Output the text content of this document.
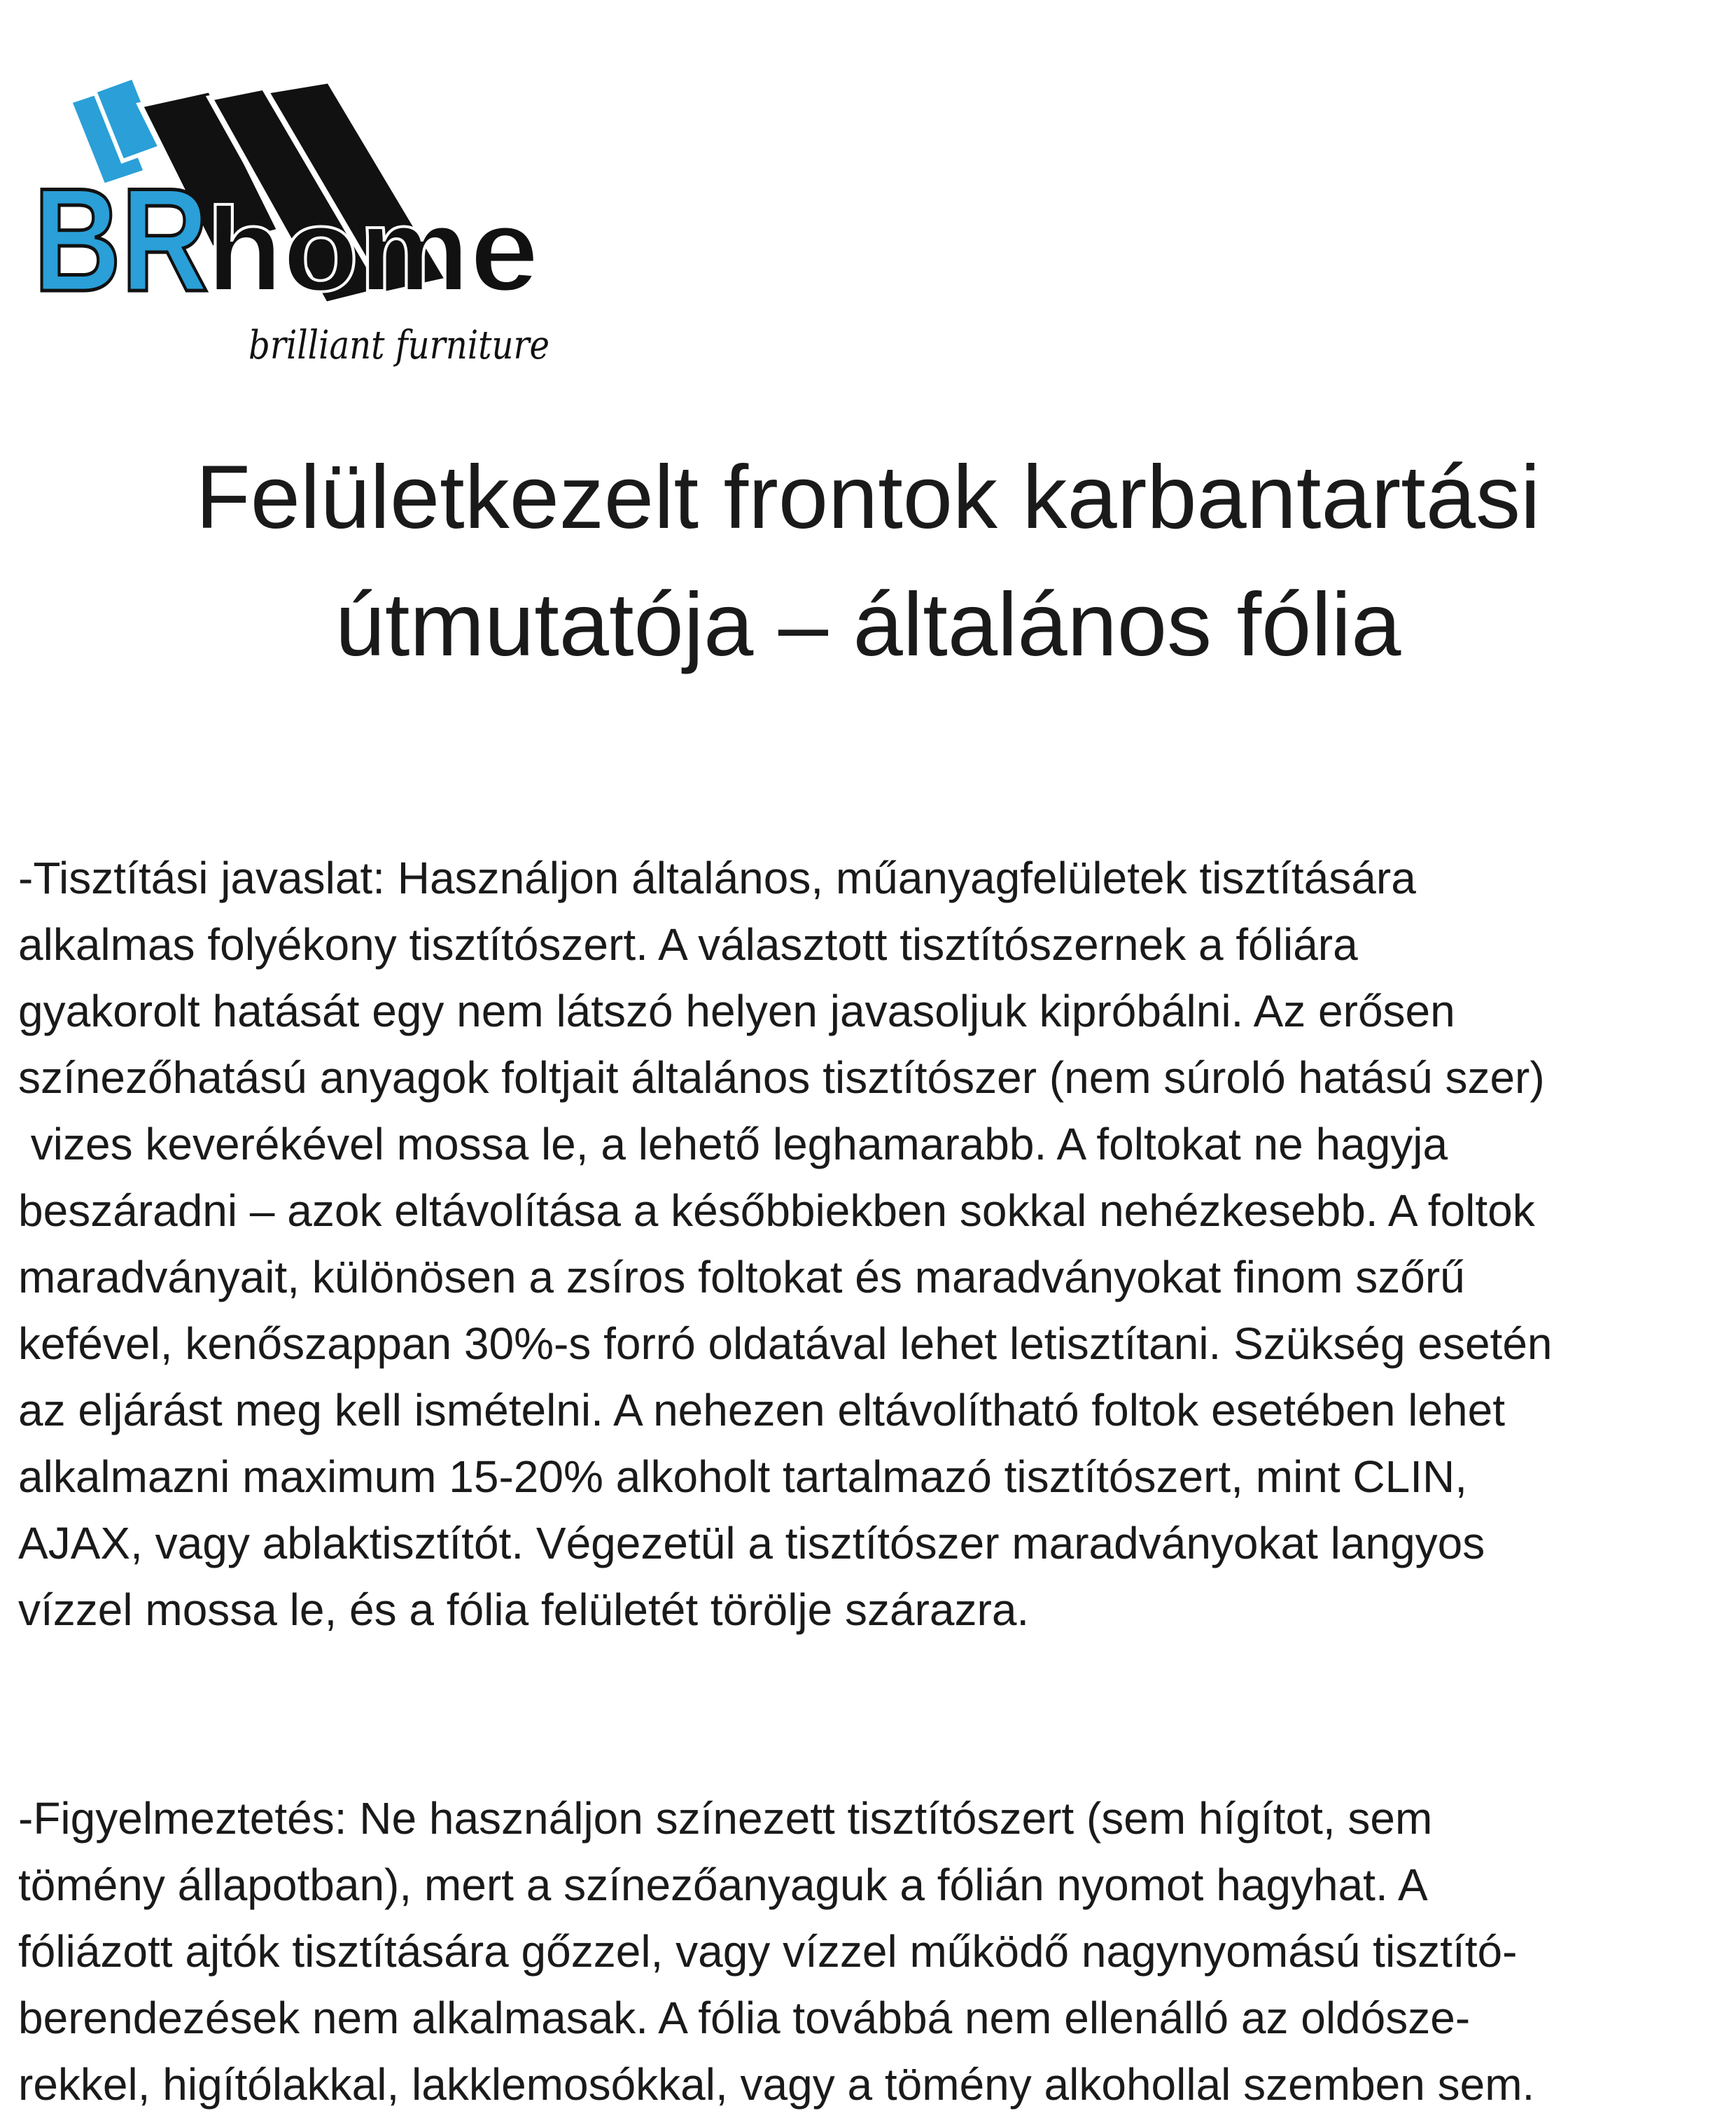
BR
home
brilliant furniture
Felületkezelt frontok karbantartási
útmutatója – általános fólia
-Tisztítási javaslat: Használjon általános, műanyagfelületek tisztítására
alkalmas folyékony tisztítószert. A választott tisztítószernek a fóliára
gyakorolt hatását egy nem látszó helyen javasoljuk kipróbálni. Az erősen
színezőhatású anyagok foltjait általános tisztítószer (nem súroló hatású szer)
vizes keverékével mossa le, a lehető leghamarabb. A foltokat ne hagyja
beszáradni – azok eltávolítása a későbbiekben sokkal nehézkesebb. A foltok
maradványait, különösen a zsíros foltokat és maradványokat finom szőrű
kefével, kenőszappan 30%-s forró oldatával lehet letisztítani. Szükség esetén
az eljárást meg kell ismételni. A nehezen eltávolítható foltok esetében lehet
alkalmazni maximum 15-20% alkoholt tartalmazó tisztítószert, mint CLIN,
AJAX, vagy ablaktisztítót. Végezetül a tisztítószer maradványokat langyos
vízzel mossa le, és a fólia felületét törölje szárazra.
-Figyelmeztetés: Ne használjon színezett tisztítószert (sem hígítot, sem
tömény állapotban), mert a színezőanyaguk a fólián nyomot hagyhat. A
fóliázott ajtók tisztítására gőzzel, vagy vízzel működő nagynyomású tisztító-
berendezések nem alkalmasak. A fólia továbbá nem ellenálló az oldósze-
rekkel, higítólakkal, lakklemosókkal, vagy a tömény alkohollal szemben sem.
